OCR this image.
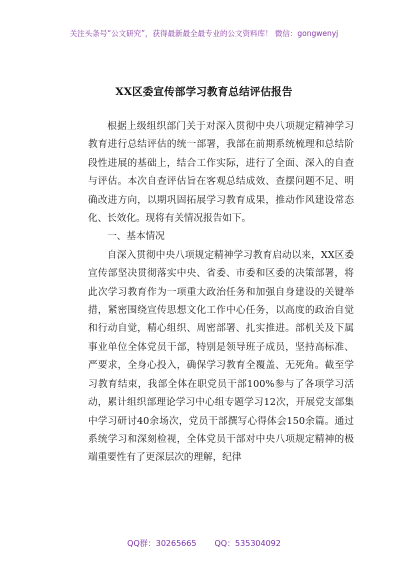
关注头条号“公文研究”，获得最新最全最专业的公文资料库！ 微信：gongwenyj
XX区委宣传部学习教育总结评估报告

根据上级组织部门关于对深入贯彻中央八项规定精神学习教育进行总结评估的统一部署，我部在前期系统梳理和总结阶段性进展的基础上，结合工作实际，进行了全面、深入的自查与评估。本次自查评估旨在客观总结成效、查摆问题不足、明确改进方向，以期巩固拓展学习教育成果，推动作风建设常态化、长效化。现将有关情况报告如下。

一、基本情况

自深入贯彻中央八项规定精神学习教育启动以来，XX区委宣传部坚决贯彻落实中央、省委、市委和区委的决策部署，将此次学习教育作为一项重大政治任务和加强自身建设的关键举措，紧密围绕宣传思想文化工作中心任务，以高度的政治自觉和行动自觉，精心组织、周密部署、扎实推进。部机关及下属事业单位全体党员干部，特别是领导班子成员，坚持高标准、严要求，全身心投入，确保学习教育全覆盖、无死角。截至学习教育结束，我部全体在职党员干部100%参与了各项学习活动，累计组织部理论学习中心组专题学习12次，开展党支部集中学习研讨40余场次，党员干部撰写心得体会150余篇。通过系统学习和深刻检视，全体党员干部对中央八项规定精神的极端重要性有了更深层次的理解，纪律

QQ群：30265665 QQ：535304092
